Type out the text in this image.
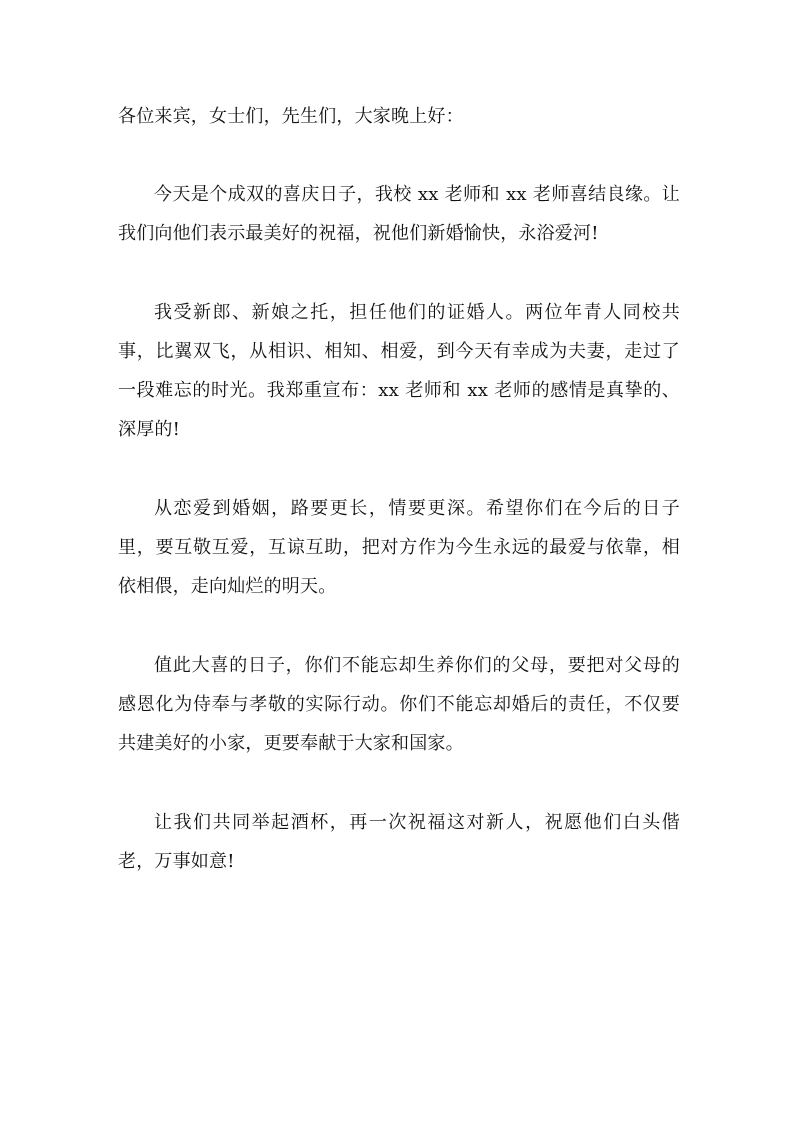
各位来宾，女士们，先生们，大家晚上好：

今天是个成双的喜庆日子，我校 xx 老师和 xx 老师喜结良缘。让我们向他们表示最美好的祝福，祝他们新婚愉快，永浴爱河!

我受新郎、新娘之托，担任他们的证婚人。两位年青人同校共事，比翼双飞，从相识、相知、相爱，到今天有幸成为夫妻，走过了一段难忘的时光。我郑重宣布：xx 老师和 xx 老师的感情是真挚的、深厚的!

从恋爱到婚姻，路要更长，情要更深。希望你们在今后的日子里，要互敬互爱，互谅互助，把对方作为今生永远的最爱与依靠，相依相偎，走向灿烂的明天。

值此大喜的日子，你们不能忘却生养你们的父母，要把对父母的感恩化为侍奉与孝敬的实际行动。你们不能忘却婚后的责任，不仅要共建美好的小家，更要奉献于大家和国家。

让我们共同举起酒杯，再一次祝福这对新人，祝愿他们白头偕老，万事如意!
